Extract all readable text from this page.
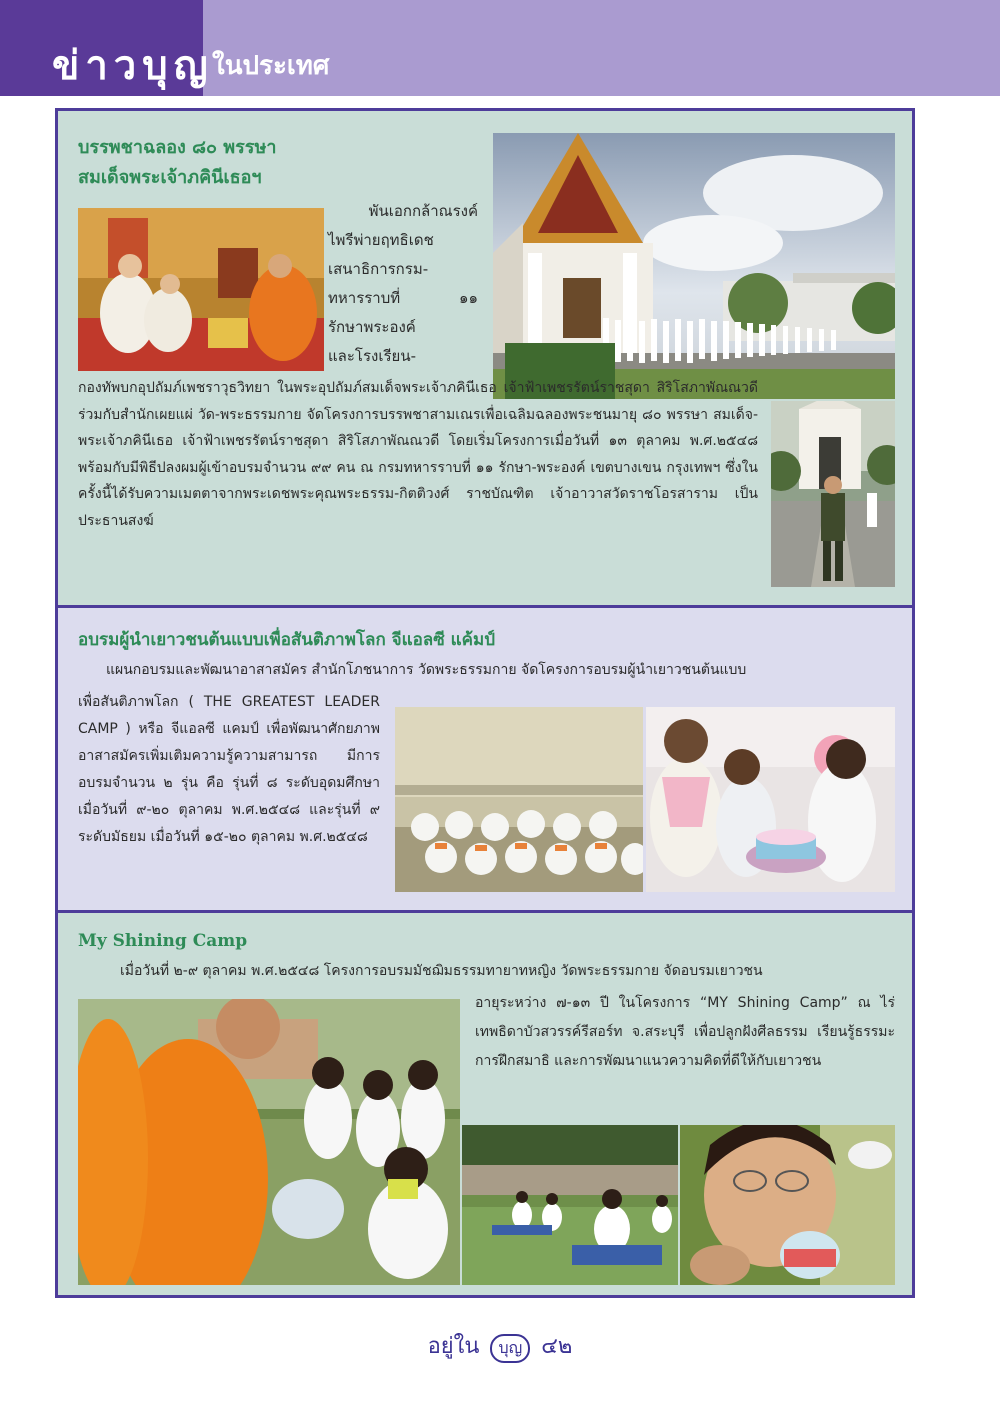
ข่าวบุญ
ในประเทศ
บรรพชาฉลอง ๘๐ พรรษา
สมเด็จพระเจ้าภคินีเธอฯ
พันเอกกล้าณรงค์
ไพรีพ่ายฤทธิเดช
เสนาธิการกรม-
ทหารราบที่ ๑๑
รักษาพระองค์
และโรงเรียน-
กองทัพบกอุปถัมภ์เพชราวุธวิทยา ในพระอุปถัมภ์สมเด็จพระเจ้าภคินีเธอ เจ้าฟ้าเพชรรัตน์ราชสุดา สิริโสภาพัณณวดี ร่วมกับสำนักเผยแผ่ วัด-พระธรรมกาย จัดโครงการบรรพชาสามเณรเพื่อเฉลิมฉลองพระชนมายุ ๘๐ พรรษา สมเด็จ-พระเจ้าภคินีเธอ เจ้าฟ้าเพชรรัตน์ราชสุดา สิริโสภาพัณณวดี โดยเริ่มโครงการเมื่อวันที่ ๑๓ ตุลาคม พ.ศ.๒๕๔๘ พร้อมกับมีพิธีปลงผมผู้เข้าอบรมจำนวน ๙๙ คน ณ กรมทหารราบที่ ๑๑ รักษา-พระองค์ เขตบางเขน กรุงเทพฯ ซึ่งในครั้งนี้ได้รับความเมตตาจากพระเดชพระคุณพระธรรม-กิตติวงศ์ ราชบัณฑิต เจ้าอาวาสวัดราชโอรสาราม เป็นประธานสงฆ์
อบรมผู้นำเยาวชนต้นแบบเพื่อสันติภาพโลก จีแอลซี แค้มป์
แผนกอบรมและพัฒนาอาสาสมัคร สำนักโภชนาการ วัดพระธรรมกาย จัดโครงการอบรมผู้นำเยาวชนต้นแบบ
เพื่อสันติภาพโลก ( THE GREATEST LEADER CAMP ) หรือ จีแอลซี แคมป์ เพื่อพัฒนาศักยภาพอาสาสมัครเพิ่มเติมความรู้ความสามารถ มีการอบรมจำนวน ๒ รุ่น คือ รุ่นที่ ๘ ระดับอุดมศึกษา เมื่อวันที่ ๙-๒๐ ตุลาคม พ.ศ.๒๕๔๘ และรุ่นที่ ๙ ระดับมัธยม เมื่อวันที่ ๑๕-๒๐ ตุลาคม พ.ศ.๒๕๔๘
My Shining Camp
เมื่อวันที่ ๒-๙ ตุลาคม พ.ศ.๒๕๔๘ โครงการอบรมมัชฌิมธรรมทายาทหญิง วัดพระธรรมกาย จัดอบรมเยาวชน
อายุระหว่าง ๗-๑๓ ปี ในโครงการ “MY Shining Camp” ณ ไร่เทพธิดาบัวสวรรค์รีสอร์ท จ.สระบุรี เพื่อปลูกฝังศีลธรรม เรียนรู้ธรรมะ การฝึกสมาธิ และการพัฒนาแนวความคิดที่ดีให้กับเยาวชน
อยู่ใน บุญ ๔๒
